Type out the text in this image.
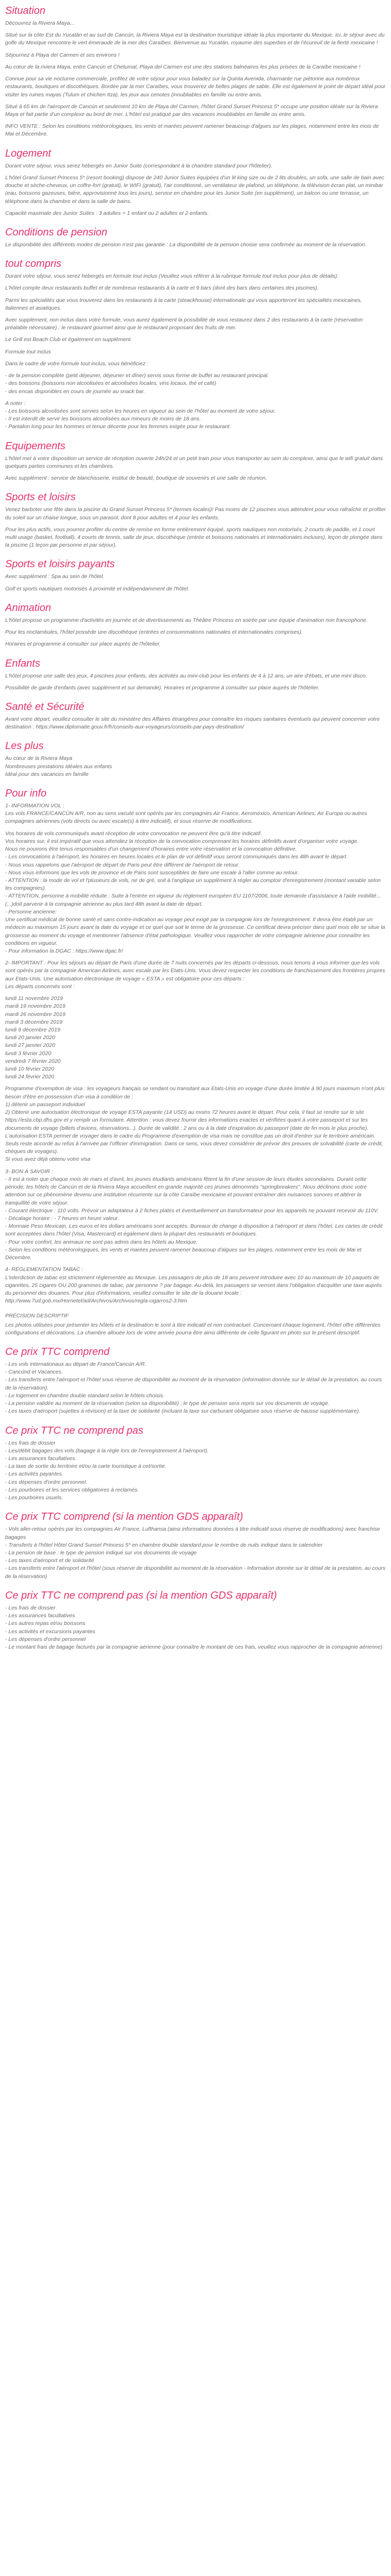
Situation

Découvrez la Riviera Maya...

Situé sur la côte Est du Yucatán et au sud de Cancún, la Riviera Maya est la destination touristique idéale la plus importante du Mexique. Ici, le séjour avec du golfe du Mexique rencontre le vert émeraude de la mer des Caraïbes. Bienvenue au Yucatán, royaume des superbes et de l'écureuil de la fierté mexicaine !

Séjournez à Playa del Carmen et ses environs !

Au cœur de la riviera Maya, entre Cancún et Chetumal, Playa del Carmen est une des stations balnéaires les plus prisées de la Caraïbe mexicaine !

Connue pour sa vie nocturne commerciale, profitez de votre séjour pour vous baladez sur la Quinta Avenida, charmante rue piétonne aux nombreux restaurants, boutiques et discothèques. Bordée par la mer Caraïbes, vous trouverez de belles plages de sable. Elle est également le point de départ idéal pour visiter les ruines mayas (Tulum et chichen Itza), les jeux aux cenotes (inoubliables en famille ou entre amis.

Situé à 65 km de l'aéroport de Cancún et seulement 10 km de Playa del Carmen, l'hôtel Grand Sunset Princess 5* occupe une position idéale sur la Riviera Maya et fait partie d'un complexe au bord de mer. L'hôtel est pratiqué par des vacances inoubliables en famille ou entre amis.

INFO VENTE : Selon les conditions météorologiques, les vents et marées peuvent ramener beaucoup d'algues sur les plages, notamment entre les mois de Mai et Décembre.

Logement

Durant votre séjour, vous serez hébergés en Junior Suite (correspondant à la chambre standard pour l'hôtelier).

L'hôtel Grand Sunset Princess 5* (resort booking) dispose de 240 Junior Suites équipées d'un lit king size ou de 2 lits doubles, un sofa, une salle de bain avec douche et sèche-cheveux, un coffre-fort (gratuit), le WIFI (gratuit), l'air conditionné, un ventilateur de plafond, un téléphone, la télévision écran plat, un minibar (eau, boissons gazeuses, bière, approvisionné tous les jours), service en chambre pour les Junior Suite (en supplément), un balcon ou une terrasse, un téléphone dans la chambre et dans la salle de bains.

Capacité maximale des Junior Suites : 3 adultes + 1 enfant ou 2 adultes et 2 enfants.

Conditions de pension

Le disponibilité des différents modes de pension n'est pas garantie : La disponibilité de la pension choisie sera confirmée au moment de la réservation.

tout compris

Durant votre séjour, vous serez hébergés en formule tout inclus (Veuillez vous référer à la rubrique formule tout inclus pour plus de détails).

L'hôtel compte deux restaurants buffet et de nombreux restaurants à la carte et 9 bars (dont des bars dans certaines des piscines).

Parmi les spécialités que vous trouverez dans les restaurants à la carte (steackhouse) internationale qui vous apporteront les spécialités mexicaines, italiennes et asiatiques.

Avec supplément, non inclus dans votre formule, vous aurez également la possibilité de vous restaurez dans 2 des restaurants à la carte (réservation préalable nécessaire) : le restaurant gourmet ainsi que le restaurant proposant des fruits de mer.

Le Grill est Beach Club et également en supplément.

Formule tout inclus

Dans le cadre de votre formule tout inclus, vous bénéficiez :

- de la pension complète (petit déjeuner, déjeuner et dîner) servis sous forme de buffet au restaurant principal.
- des boissons (boissons non alcoolisées et alcoolisées locales, vins locaux, thé et café)
- des encas disponibles en cours de journée au snack bar.

A noter :
- Les boissons alcoolisées sont servies selon les heures en vigueur au sein de l'hôtel au moment de votre séjour.
- Il est interdit de servir les boissons alcoolisées aux mineurs de moins de 18 ans.
- Pantalon long pour les hommes et tenue décente pour les femmes exigée pour le restaurant.

Equipements

L'hôtel met à votre disposition un service de réception ouverte 24h/24 et un petit train pour vous transporter au sein du complexe, ainsi que le wifi gratuit dans quelques parties communes et les chambres.

Avec supplément : service de blanchisserie, institut de beauté, boutique de souvenirs et une salle de réunion.

Sports et loisirs

Venez barboter une fête dans la piscine du Grand Sunset Princess 5* (termes locales)! Pas moins de 12 piscines vous attendent pour vous rafraîchir et profiter du soleil sur un chaise longue, sous un parasol, dont 8 pour adultes et 4 pour les enfants.

Pour les plus actifs, vous pourrez profiter du centre de remise en forme entièrement équipé, sports nautiques non motorisés, 2 courts de paddle, et 1 court multi usage (basket, football), 4 courts de tennis, salle de jeux, discothèque (entrée et boissons nationales et internationales incluses), leçon de plongée dans la piscine (1 leçon par personne et par séjour).

Sports et loisirs payants

Avec supplément : Spa au sein de l'hôtel.

Golf et sports nautiques motorisés à proximité et indépendamment de l'hôtel.

Animation

L'hôtel propose un programme d'activités en journée et de divertissements au Théâtre Princess en soirée par une équipe d'animation non francophone.

Pour les noctambules, l'hôtel possède une discothèque (entrées et consommations nationales et internationales comprises).

Horaires et programme à consulter sur place auprès de l'hôtelier.

Enfants

L'hôtel propose une salle des jeux, 4 piscines pour enfants, des activités au mini-club pour les enfants de 4 à 12 ans, un aire d'ébats, et une mini disco.

Possibilité de garde d'enfants (avec supplément et sur demande). Horaires et programme à consulter sur place auprès de l'hôtelier.

Santé et Sécurité

Avant votre départ, veuillez consulter le site du ministère des Affaires étrangères pour connaître les risques sanitaires éventuels qui peuvent concerner votre destination : https://www.diplomatie.gouv.fr/fr/conseils-aux-voyageurs/conseils-par-pays-destination/

Les plus
Au cœur de la Riviera Maya
Nombreuses prestations idéales aux enfants
Idéal pour des vacances en famille
Pour info

1- INFORMATION VOL :
Les vols FRANCE/CANCÚN A/R, non au sens vacuté sont opérés par les compagnies Air France, Aeromexico, American Airlines, Air Europa ou autres compagnies aériennes (vols directs ou avec escale(s) à titre indicatif), et sous réserve de modifications.

Vos horaires de vols communiqués avant réception de votre convocation ne peuvent être qu'à titre indicatif.
Vos horaires sur, il est impératif que vous attendiez la réception de la convocation comprenant les horaires définitifs avant d'organiser votre voyage.
Nous ne pouvons être tenus responsables d'un changement d'horaires entre votre réservation et la convocation définitive.
- Les convocations à l'aéroport, les horaires en heures locales et le plan de vol définitif vous seront communiqués dans les 48h avant le départ.
- Nous vous rappelons que l'aéroport de départ de Paris peut être différent de l'aéroport de retour.
- Nous vous informons que les vols de province et de Paris sont susceptibles de faire une escale à l'aller comme au retour.
- ATTENTION : la mode de vol et l'plusieurs de vols, ne de gré, soit à l'anglique un supplément à régler au comptoir d'enregistrement (montant variable selon les compagnies).
- ATTENTION, personne à mobilité réduite : Suite à l'entrée en vigueur du règlement européen EU 1107/2006, toute demande d'assistance à l'aide mobilité... (...)doit parvenir à la compagnie aérienne au plus tard 48h avant la date de départ.
- Personne ancienne:
Une certificat médical de bonne santé et sans contre-indication au voyage peut exigé par la compagnie lors de l'enregistrement. Il devra être établi par un médecin au maximum 15 jours avant la date du voyage et ce quel que soit le terme de la grossesse. Ce certificat devra préciser dans quel mois elle se situe la grossesse au moment du voyage et mentionner l'absence d'état pathologique. Veuillez vous rapprocher de votre compagnie aérienne pour connaître les conditions en vigueur.
- Pour information la DGAC : https://www.dgac.fr/

2- IMPORTANT : Pour les séjours au départ de Paris d'une durée de 7 nuits concernés par les départs ci-dessous, nous tenons à vous informer que les vols sont opérés par la compagnie American Airlines, avec escale par les Etats-Unis. Vous devez respecter les conditions de franchissement des frontières propres aux Etats-Unis. Une autorisation électronique de voyage « ESTA » est obligatoire pour ces départs :
Les départs concernés sont :

lundi 11 novembre 2019
mardi 19 novembre 2019
mardi 26 novembre 2019
mardi 3 décembre 2019
lundi 9 décembre 2019
lundi 20 janvier 2020
lundi 27 janvier 2020
lundi 3 février 2020
vendredi 7 février 2020
lundi 10 février 2020
lundi 24 février 2020

Programme d'exemption de visa : les voyageurs français se rendant ou transitant aux Etats-Unis en voyage d'une durée limitée à 90 jours maximum n'ont plus besoin d'être en possession d'un visa à condition de :
1) détenir un passeport individuel
2) Obtenir une autorisation électronique de voyage ESTA payante (14 USD) au moins 72 heures avant le départ. Pour cela, il faut se rendre sur le site https://esta.cbp.dhs.gov et y remplir un formulaire. Attention : vous devez fournir des informations exactes et vérifiées quant à votre passeport et sur les documents de voyage (billets d'avions, réservations...). Durée de validité : 2 ans ou à la date d'expiration du passeport (date de fin mois le plus proche).
L'autorisation ESTA permet de voyager dans le cadre du Programme d'exemption de visa mais ne constitue pas un droit d'entrer sur le territoire américain. Seuls reste accordé au refus à l'arrivée par l'officier d'immigration. Dans ce sens, vous devez considérer de prévoir des preuves de solvabilité (carte de crédit, chèques de voyages).
Si vous avez déjà obtenu votre visa

3- BON À SAVOIR :
- Il est à noter que chaque mois de mars et d'avril, les jeunes étudiants américains fêtent la fin d'une session de leurs études secondaires. Durant cette période, les hôtels de Cancún et de la Riviera Maya accueillent en grande majorité ces jeunes dénommés "springbreakers". Nous déclinons donc votre attention sur ce phénomène devenu une institution récurrente sur la côte Caraïbe mexicaine et pouvant entraîner des nuisances sonores et altérer la tranquillité de votre séjour.
- Courant électrique : 110 volts. Prévoir un adaptateur à 2 fiches plates et éventuellement un transformateur pour les appareils ne pouvant recevoir du 110V.
- Décalage horaire : - 7 heures en heure valeur.
- Monnaie Peso Mexicain. Les euros et les dollars américains sont acceptés. Bureaux de change à disposition à l'aéroport et dans l'hôtel. Les cartes de crédit sont acceptées dans l'hôtel (Visa, Mastercard) et également dans la plupart des restaurants et boutiques.
- Pour votre confort, les animaux ne sont pas admis dans les hôtels au Mexique.
- Selon les conditions météorologiques, les vents et marées peuvent ramener beaucoup d'algues sur les plages, notamment entre les mois de Mai et Décembre.

4- RÉGLEMENTATION TABAC :
L'interdiction de tabac est strictement réglementée au Mexique. Les passagers de plus de 18 ans peuvent introduire avec 10 au maximum de 10 paquets de cigarettes, 25 cigares OU 200 grammes de tabac, par personne ? par bagage. Au-delà, les passagers se verront dans l'obligation d'acquitter une taxe auprès du personnel des douanes. Pour plus d'informations, veuillez consulter le site de la douane locale : http://www.7ud.gob.mx/Hornetel/ad/Archivos/Archivos/regla-cigarros2-3.htm

PRÉCISION DESCRIPTIF

Les photos utilisées pour présenter les hôtels et la destination le sont à titre indicatif et non contractuel. Concernant chaque logement, l'hôtel offre différentes configurations et décorations. La chambre allouée lors de votre arrivée pourra être ainsi différente de celle figurant en photo sur le présent descriptif.

Ce prix TTC comprend
- Les vols internationaux au départ de France/Cancún A/R.
- Cancúnd et Vacances.
- Les transferts entre l'aéroport et l'hôtel sous réserve de disponibilité au moment de la réservation (information donnée sur le détail de la prestation, au cours de la réservation).
- Le logement en chambre double standard selon le hôtels choisis.
- La pension validée au moment de la réservation (selon sa disponibilité) : le type de pension sera repris sur vos documents de voyage.
- Les taxes d'aéroport (sujettes à révision) et la taxe de solidarité (incluant la taxe sur carburant obligatoire sous réserve de hausse supplémentaire).
Ce prix TTC ne comprend pas
- Les frais de dossier
- Les/débit bagages des vols (bagage à la règle lors de l'enregistrement à l'aéroport).
- Les assurances facultatives.
- La taxe de sortie du territoire et/ou la carte touristique à cet/sortie.
- Les activités payantes.
- Les dépenses d'ordre personnel.
- Les pourboires et les services obligatoires à reclamés.
- Les pourboires usuels.
Ce prix TTC comprend (si la mention GDS apparaît)
- Vols aller-retour opérés par les compagnies Air France, Lufthansa (ainsi informations données à titre indicatif sous réserve de modifications) avec franchise bagages
- Transferts à l'hôtel Hôtel Grand Sunset Princess 5* en chambre double standard pour le nombre de nuits indiqué dans le calendrier
- La pension de base : le type de pension indiqué sur vos documents de voyage
- Les taxes d'aéroport et de solidarité
- Les transferts entre l'aéroport et l'hôtel (sous réserve de disponibilité au moment de la réservation - Information donnée sur le détail de la prestation, au cours de la réservation)
Ce prix TTC ne comprend pas (si la mention GDS apparaît)
- Les frais de dossier
- Les assurances facultatives
- Les autres repas et/ou boissons
- Les activités et excursions payantes
- Les dépenses d'ordre personnel
- Le montant frais de bagage facturés par la compagnie aérienne (pour connaître le montant de ces frais, veuillez vous rapprocher de la compagnie aérienne)
